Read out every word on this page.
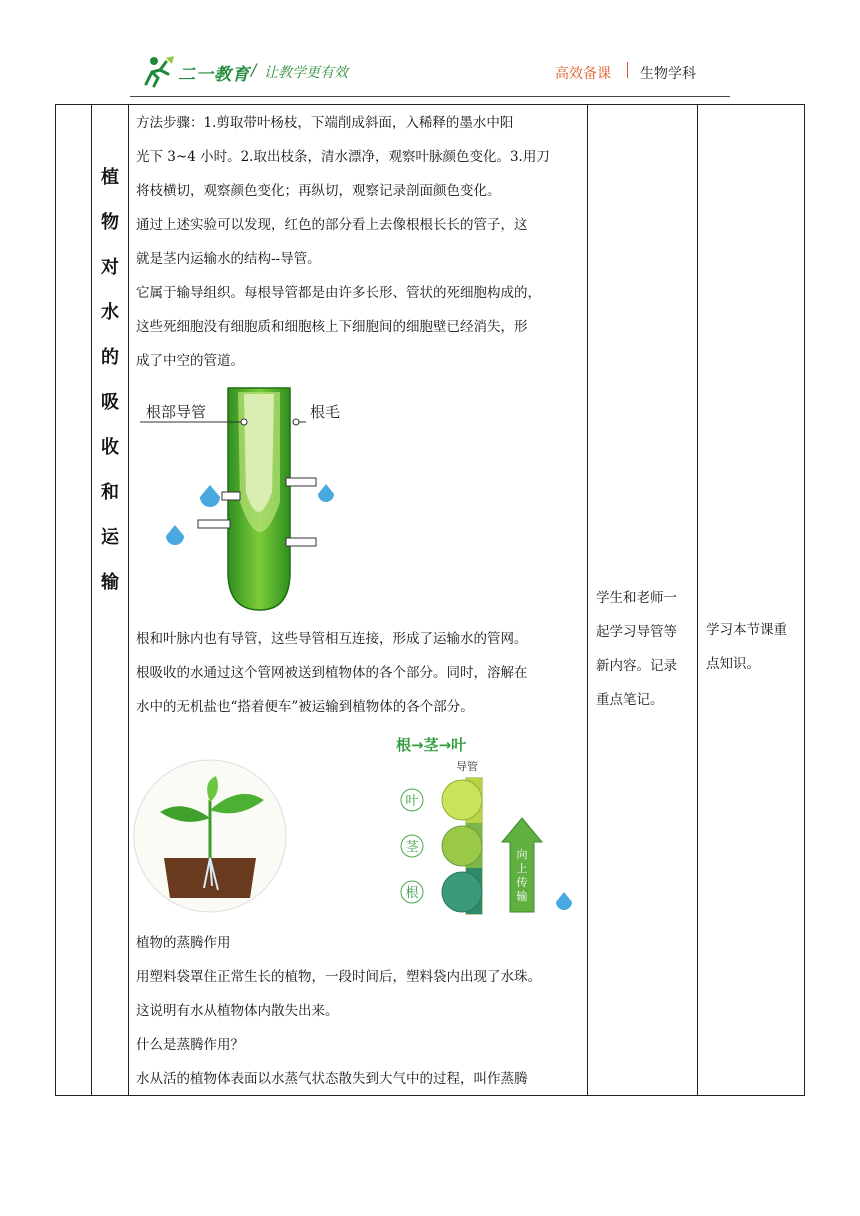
二一教育 / 让教学更有效	高效备课 生物学科
植
物
对
水
的
吸
收
和
运
输
学生和老师一
起学习导管等
新内容。记录
重点笔记。
学习本节课重
点知识。
方法步骤：1.剪取带叶杨枝，下端削成斜面，入稀释的墨水中阳
光下 3~4 小时。2.取出枝条，清水漂净，观察叶脉颜色变化。3.用刀
将枝横切，观察颜色变化；再纵切，观察记录剖面颜色变化。
通过上述实验可以发现，红色的部分看上去像根根长长的管子，这
就是茎内运输水的结构--导管。
它属于输导组织。每根导管都是由许多长形、管状的死细胞构成的，
这些死细胞没有细胞质和细胞核上下细胞间的细胞壁已经消失，形
成了中空的管道。
根部导管	根毛
根和叶脉内也有导管，这些导管相互连接，形成了运输水的管网。
根吸收的水通过这个管网被送到植物体的各个部分。同时，溶解在
水中的无机盐也“搭着便车”被运输到植物体的各个部分。
根→茎→叶
导管
叶
茎
根
向
上
传
输
植物的蒸腾作用
用塑料袋罩住正常生长的植物，一段时间后，塑料袋内出现了水珠。
这说明有水从植物体内散失出来。
什么是蒸腾作用？
水从活的植物体表面以水蒸气状态散失到大气中的过程，叫作蒸腾
